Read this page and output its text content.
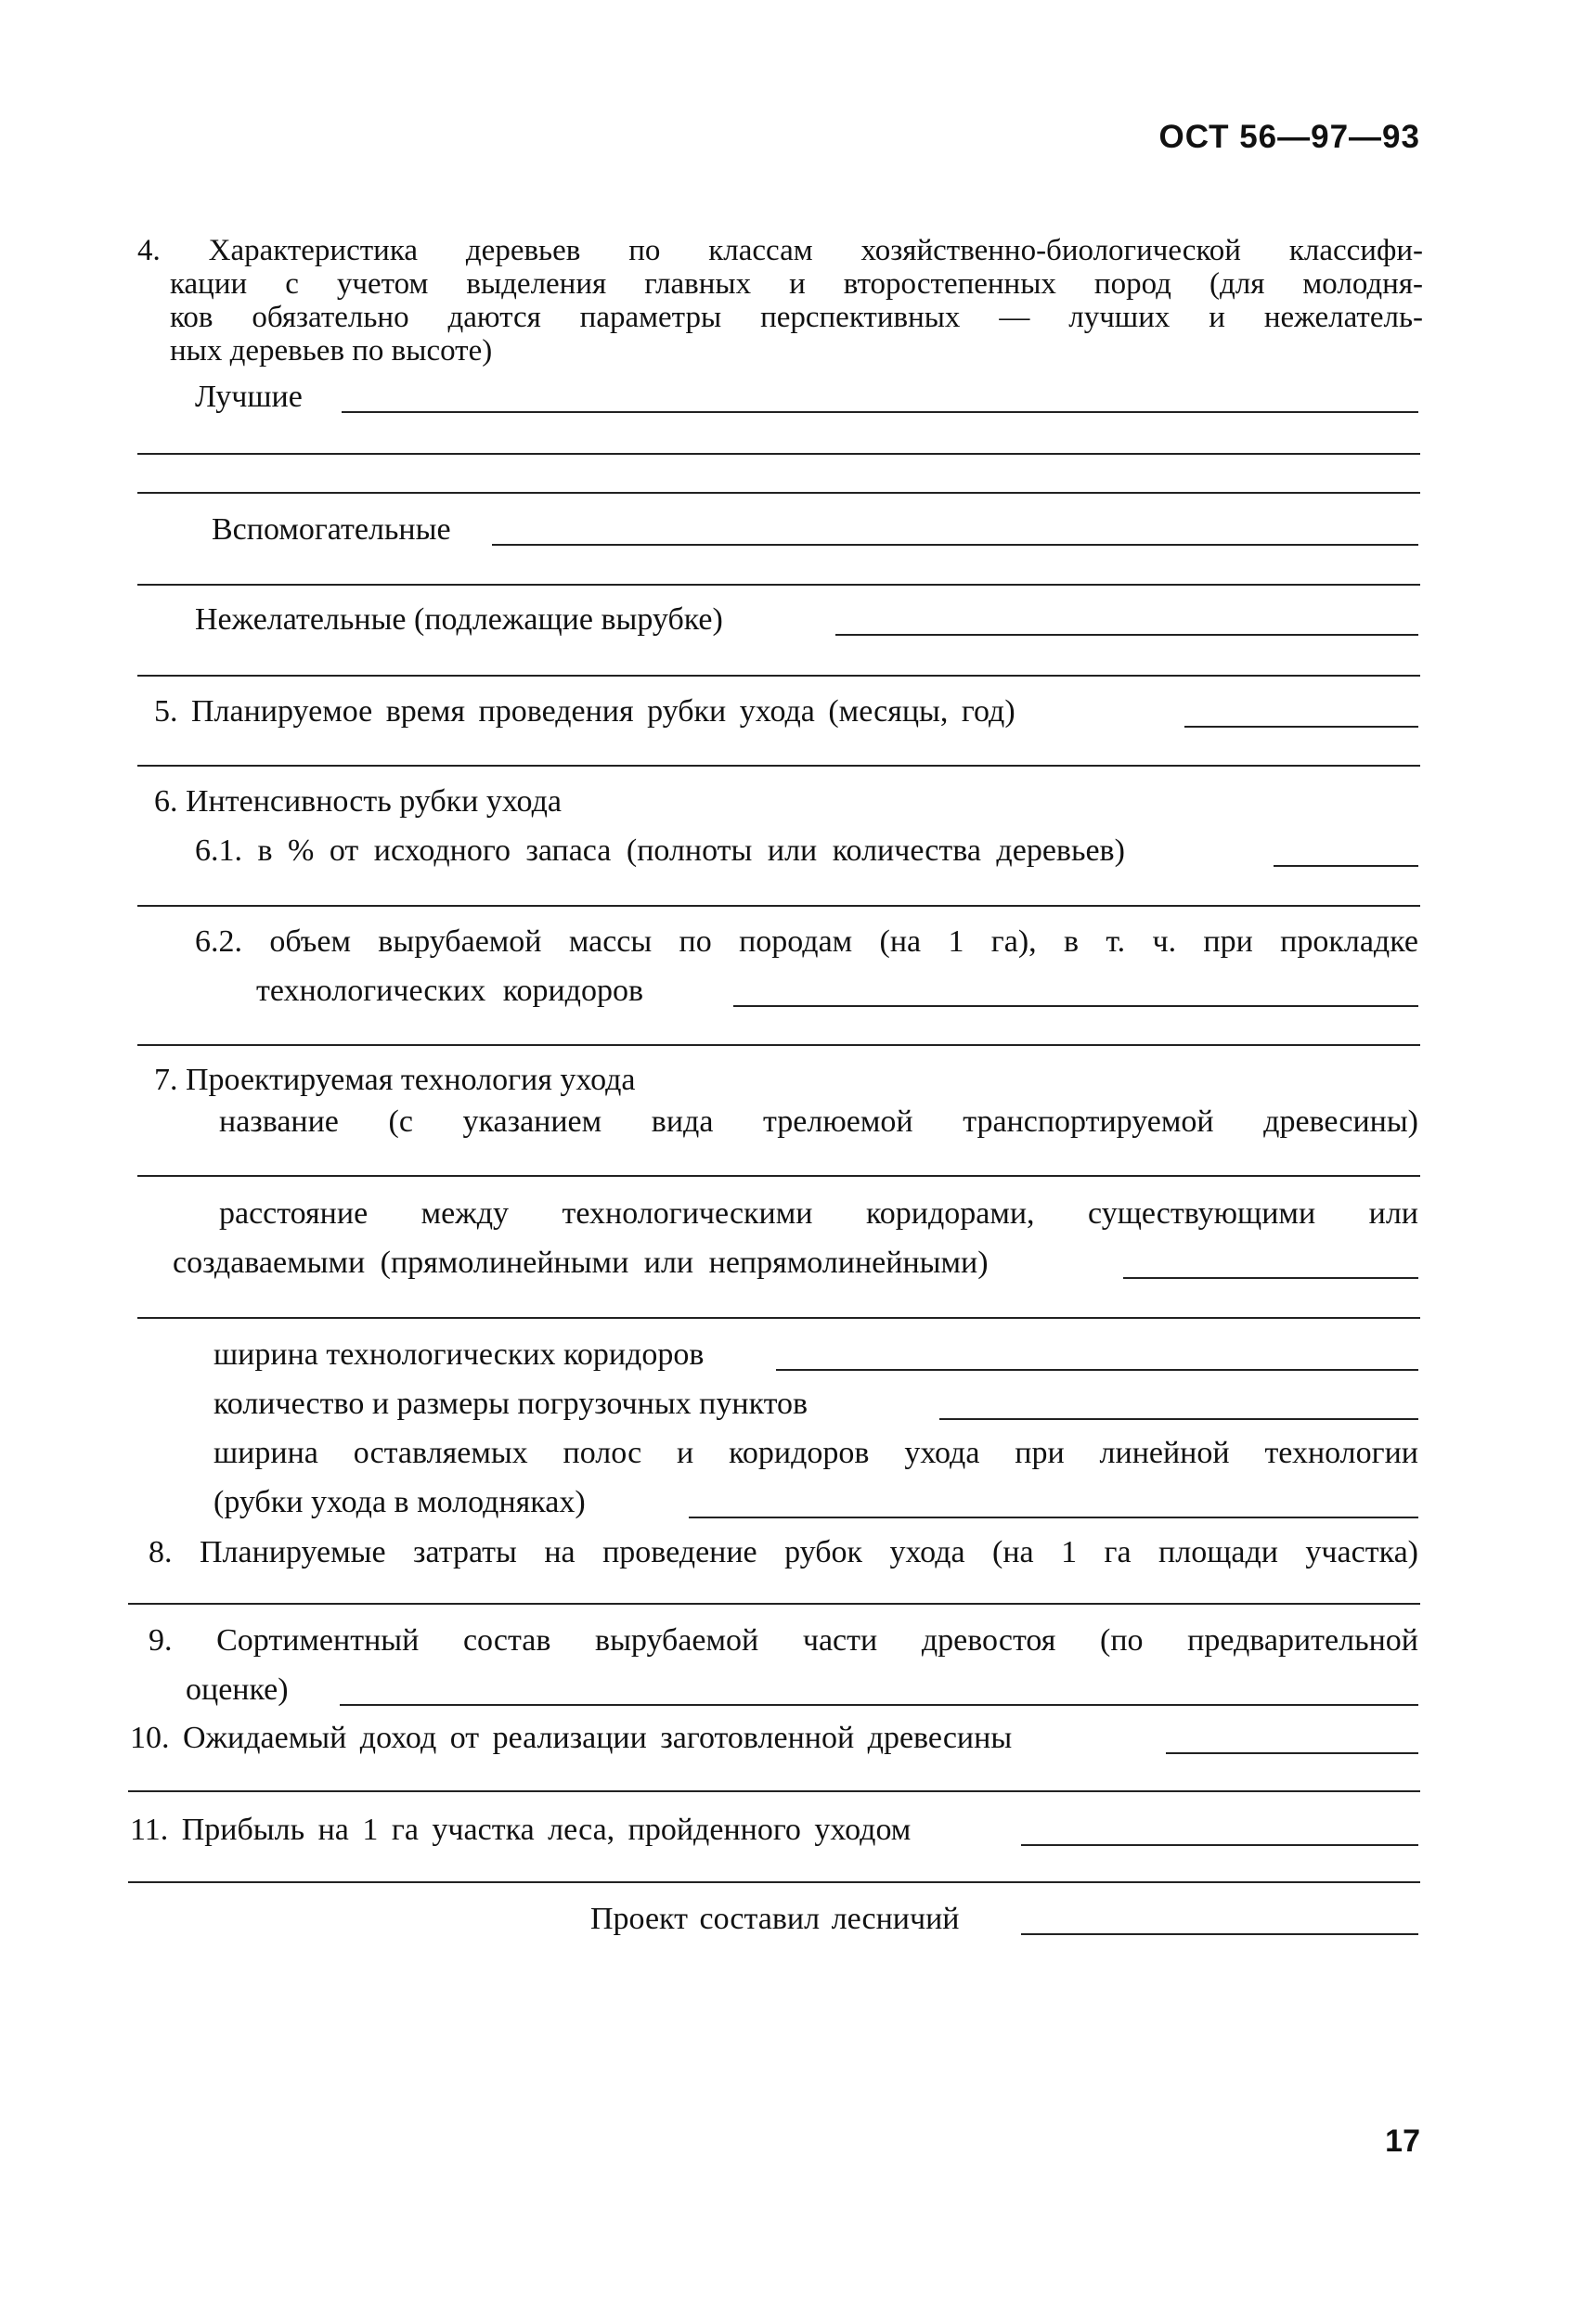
ОСТ 56—97—93
4. Характеристика деревьев по классам хозяйственно-биологической классифи-
кации с учетом выделения главных и второстепенных пород (для молодня-
ков обязательно даются параметры перспективных — лучших и нежелатель-
ных деревьев по высоте)
Лучшие
Вспомогательные
Нежелательные (подлежащие вырубке)
5. Планируемое время проведения рубки ухода (месяцы, год)
6. Интенсивность рубки ухода
6.1. в % от исходного запаса (полноты или количества деревьев)
6.2. объем вырубаемой массы по породам (на 1 га), в т. ч. при прокладке
технологических коридоров
7. Проектируемая технология ухода
название (с указанием вида трелюемой транспортируемой древесины)
расстояние между технологическими коридорами, существующими или
создаваемыми (прямолинейными или непрямолинейными)
ширина технологических коридоров
количество и размеры погрузочных пунктов
ширина оставляемых полос и коридоров ухода при линейной технологии
(рубки ухода в молодняках)
8. Планируемые затраты на проведение рубок ухода (на 1 га площади участка)
9. Сортиментный состав вырубаемой части древостоя (по предварительной
оценке)
10. Ожидаемый доход от реализации заготовленной древесины
11. Прибыль на 1 га участка леса, пройденного уходом
Проект составил лесничий
17
